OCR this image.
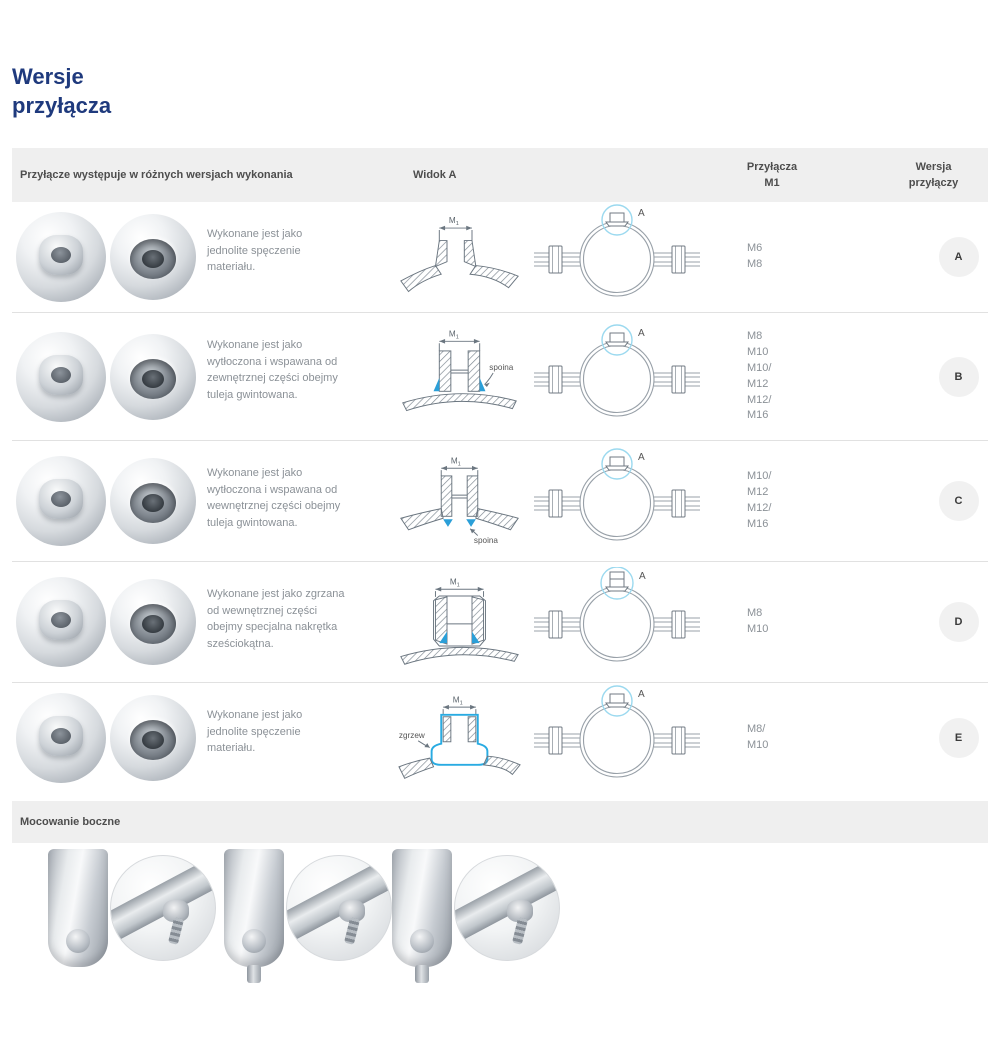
Wersje
przyłącza
Przyłącze występuje w różnych wersjach wykonania	Widok A
Przyłącza
M1
Wersja
przyłączy
Wykonane jest jako jednolite spęczenie materiału.
$M_1$
A
M6
M8
A
Wykonane jest jako wytłoczona i wspawana od zewnętrznej części obejmy tuleja gwintowana.
$M_1$
spoina
A	M8
M10
M10/
M12
M12/
M16
B
Wykonane jest jako wytłoczona i wspawana od wewnętrznej części obejmy tuleja gwintowana.
$M_1$
spoina
A
M10/
M12
M12/
M16
C
Wykonane jest jako zgrzana od wewnętrznej części obejmy specjalna nakrętka sześciokątna.
$M_1$
A
M8
M10
D
Wykonane jest jako jednolite spęczenie materiału.
$M_1$
zgrzew
A
M8/
M10
E
Mocowanie boczne
